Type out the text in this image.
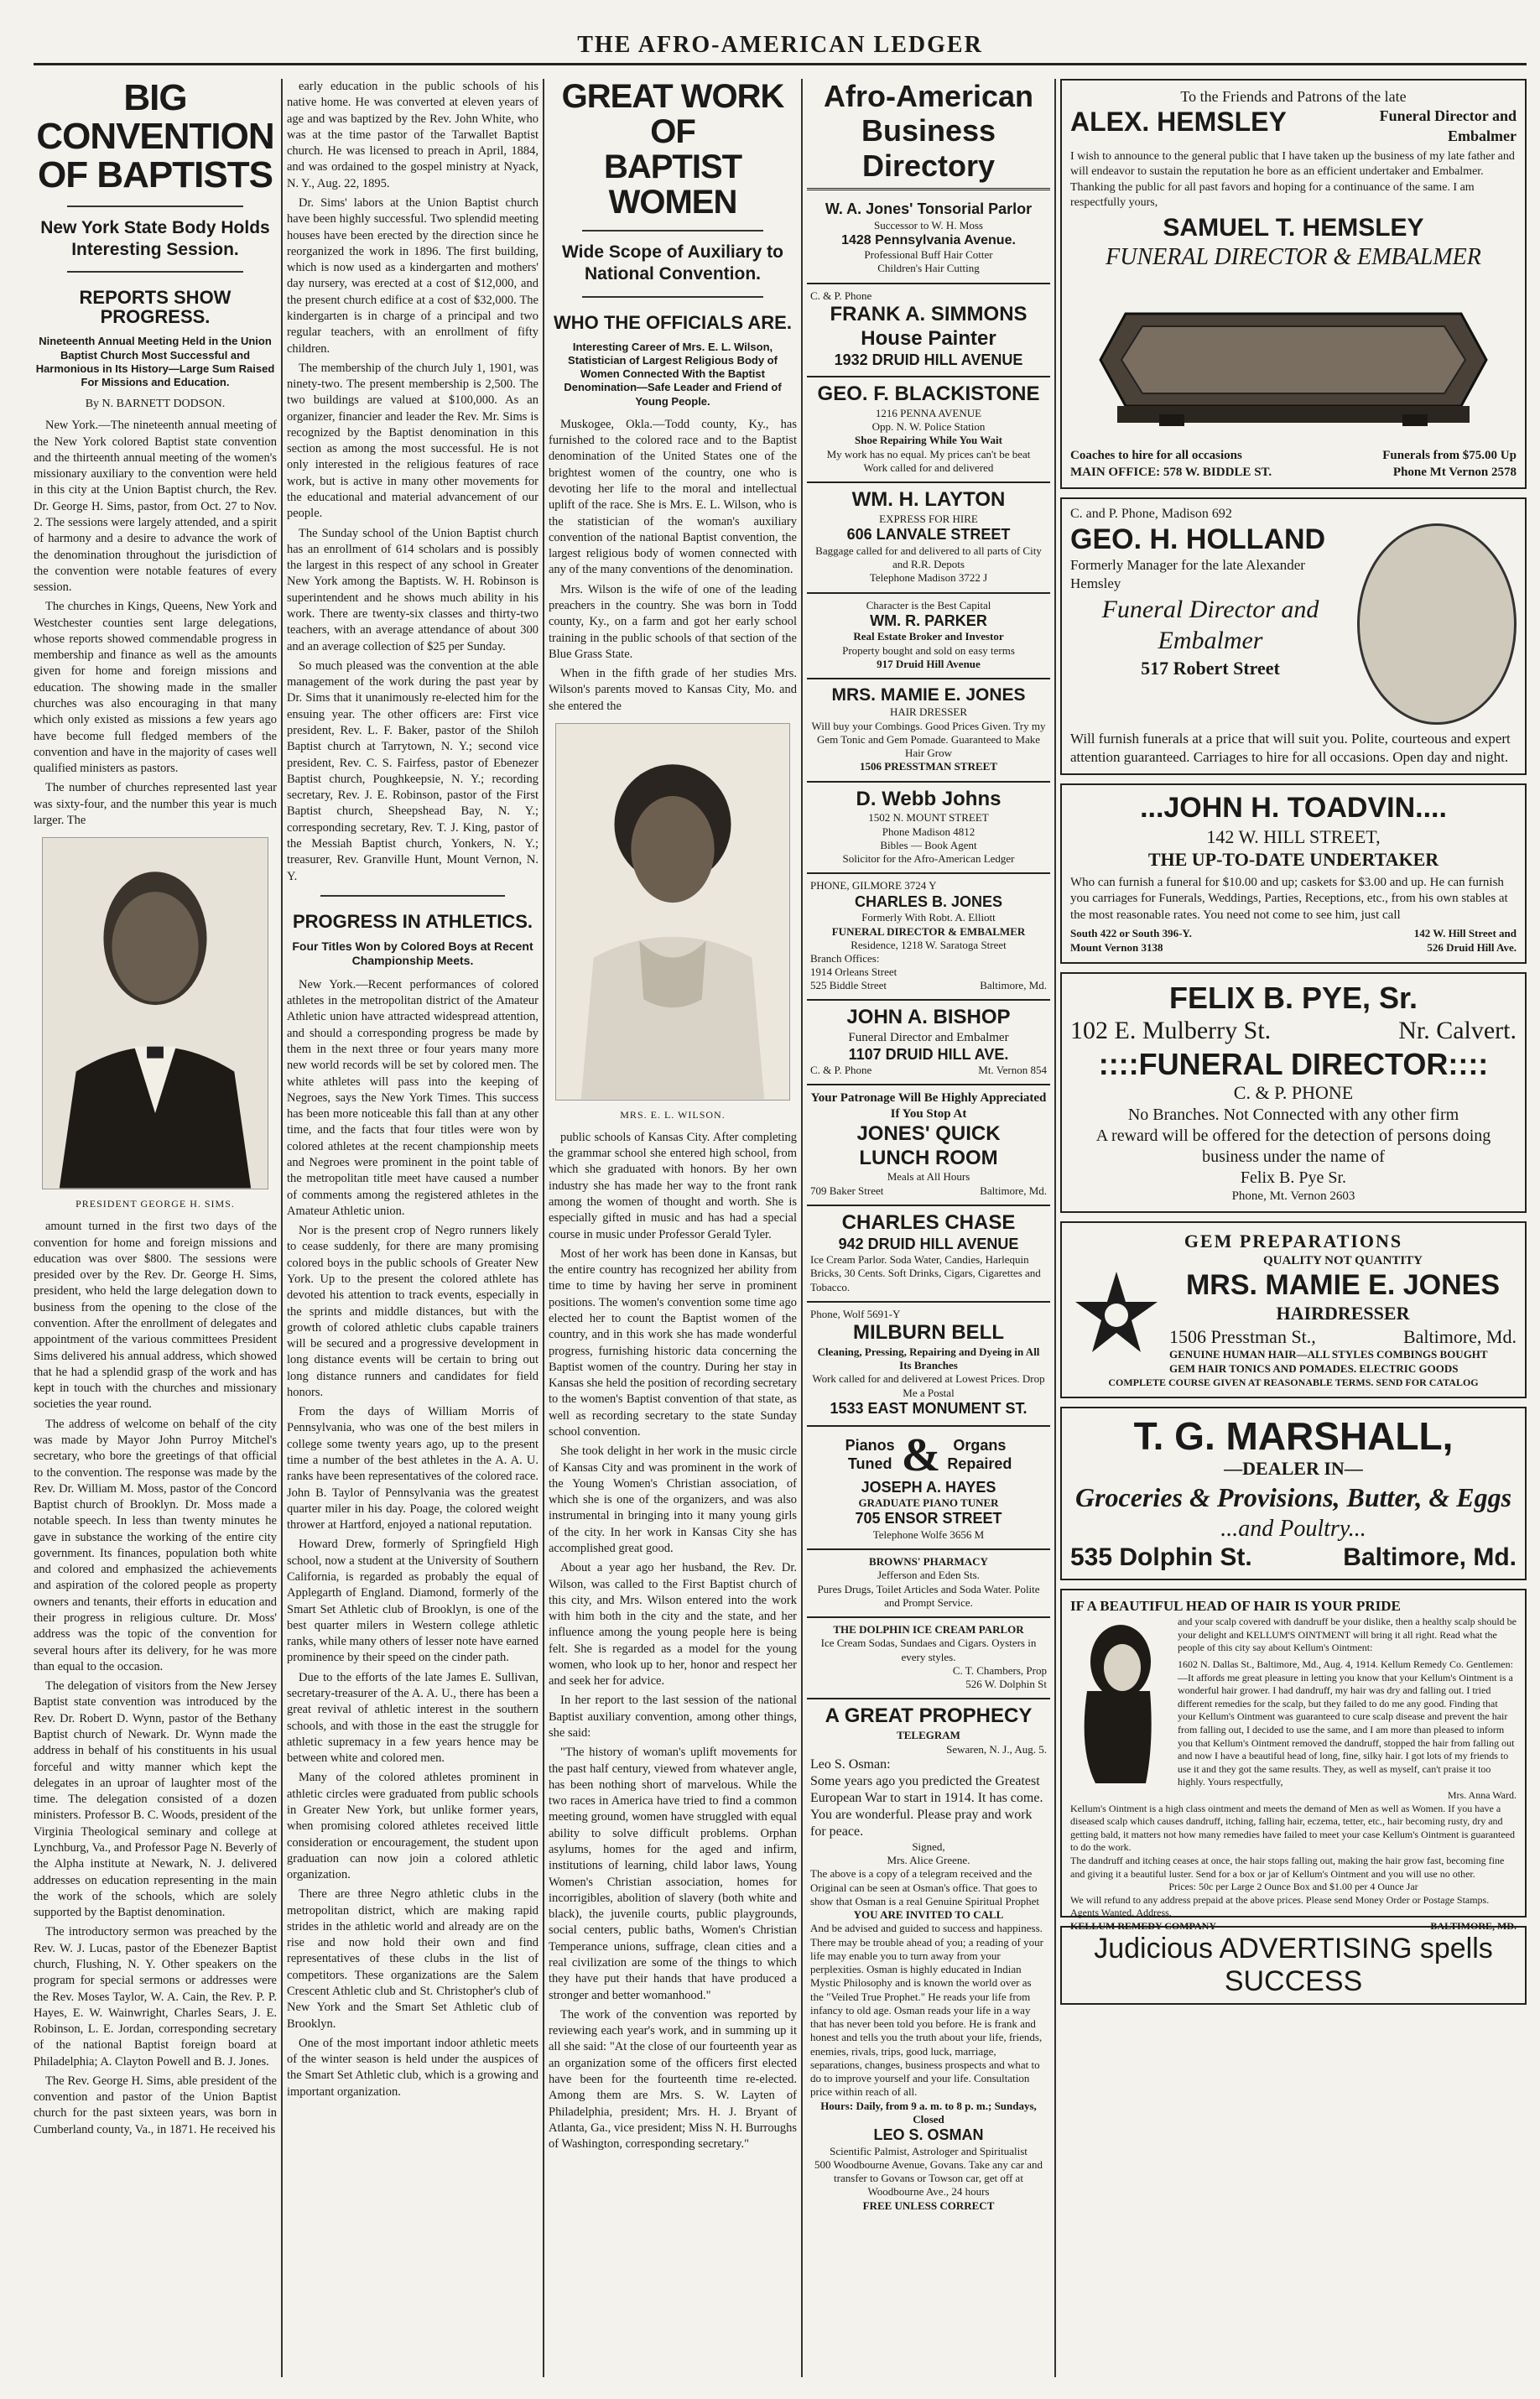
THE AFRO-AMERICAN LEDGER
BIG CONVENTION
OF BAPTISTS
New York State Body Holds Interesting Session.
REPORTS SHOW PROGRESS.
Nineteenth Annual Meeting Held in the Union Baptist Church Most Successful and Harmonious in Its History—Large Sum Raised For Missions and Education.
By N. BARNETT DODSON.

New York.—The nineteenth annual meeting of the New York colored Baptist state convention and the thirteenth annual meeting of the women's missionary auxiliary to the convention were held in this city at the Union Baptist church, the Rev. Dr. George H. Sims, pastor, from Oct. 27 to Nov. 2. The sessions were largely attended, and a spirit of harmony and a desire to advance the work of the denomination throughout the jurisdiction of the convention were notable features of every session.

The churches in Kings, Queens, New York and Westchester counties sent large delegations, whose reports showed commendable progress in membership and finance as well as the amounts given for home and foreign missions and education. The showing made in the smaller churches was also encouraging in that many which only existed as missions a few years ago have become full fledged members of the convention and have in the majority of cases well qualified ministers as pastors.

The number of churches represented last year was sixty-four, and the number this year is much larger. The

PRESIDENT GEORGE H. SIMS.

amount turned in the first two days of the convention for home and foreign missions and education was over $800. The sessions were presided over by the Rev. Dr. George H. Sims, president, who held the large delegation down to business from the opening to the close of the convention. After the enrollment of delegates and appointment of the various committees President Sims delivered his annual address, which showed that he had a splendid grasp of the work and has kept in touch with the churches and missionary societies the year round.

The address of welcome on behalf of the city was made by Mayor John Purroy Mitchel's secretary, who bore the greetings of that official to the convention. The response was made by the Rev. Dr. William M. Moss, pastor of the Concord Baptist church of Brooklyn. Dr. Moss made a notable speech. In less than twenty minutes he gave in substance the working of the entire city government. Its finances, population both white and colored and emphasized the achievements and aspiration of the colored people as property owners and tenants, their efforts in education and their progress in religious culture. Dr. Moss' address was the topic of the convention for several hours after its delivery, for he was more than equal to the occasion.

The delegation of visitors from the New Jersey Baptist state convention was introduced by the Rev. Dr. Robert D. Wynn, pastor of the Bethany Baptist church of Newark. Dr. Wynn made the address in behalf of his constituents in his usual forceful and witty manner which kept the delegates in an uproar of laughter most of the time. The delegation consisted of a dozen ministers. Professor B. C. Woods, president of the Virginia Theological seminary and college at Lynchburg, Va., and Professor Page N. Beverly of the Alpha institute at Newark, N. J. delivered addresses on education representing in the main the work of the schools, which are solely supported by the Baptist denomination.

The introductory sermon was preached by the Rev. W. J. Lucas, pastor of the Ebenezer Baptist church, Flushing, N. Y. Other speakers on the program for special sermons or addresses were the Rev. Moses Taylor, W. A. Cain, the Rev. P. P. Hayes, E. W. Wainwright, Charles Sears, J. E. Robinson, L. E. Jordan, corresponding secretary of the national Baptist foreign board at Philadelphia; A. Clayton Powell and B. J. Jones.

The Rev. George H. Sims, able president of the convention and pastor of the Union Baptist church for the past sixteen years, was born in Cumberland county, Va., in 1871. He received his

early education in the public schools of his native home. He was converted at eleven years of age and was baptized by the Rev. John White, who was at the time pastor of the Tarwallet Baptist church. He was licensed to preach in April, 1884, and was ordained to the gospel ministry at Nyack, N. Y., Aug. 22, 1895.

Dr. Sims' labors at the Union Baptist church have been highly successful. Two splendid meeting houses have been erected by the direction since he reorganized the work in 1896. The first building, which is now used as a kindergarten and mothers' day nursery, was erected at a cost of $12,000, and the present church edifice at a cost of $32,000. The kindergarten is in charge of a principal and two regular teachers, with an enrollment of fifty children.

The membership of the church July 1, 1901, was ninety-two. The present membership is 2,500. The two buildings are valued at $100,000. As an organizer, financier and leader the Rev. Mr. Sims is recognized by the Baptist denomination in this section as among the most successful. He is not only interested in the religious features of race work, but is active in many other movements for the educational and material advancement of our people.

The Sunday school of the Union Baptist church has an enrollment of 614 scholars and is possibly the largest in this respect of any school in Greater New York among the Baptists. W. H. Robinson is superintendent and he shows much ability in his work. There are twenty-six classes and thirty-two teachers, with an average attendance of about 300 and an average collection of $25 per Sunday.

So much pleased was the convention at the able management of the work during the past year by Dr. Sims that it unanimously re-elected him for the ensuing year. The other officers are: First vice president, Rev. L. F. Baker, pastor of the Shiloh Baptist church at Tarrytown, N. Y.; second vice president, Rev. C. S. Fairfess, pastor of Ebenezer Baptist church, Poughkeepsie, N. Y.; recording secretary, Rev. J. E. Robinson, pastor of the First Baptist church, Sheepshead Bay, N. Y.; corresponding secretary, Rev. T. J. King, pastor of the Messiah Baptist church, Yonkers, N. Y.; treasurer, Rev. Granville Hunt, Mount Vernon, N. Y.

PROGRESS IN ATHLETICS.
Four Titles Won by Colored Boys at Recent Championship Meets.

New York.—Recent performances of colored athletes in the metropolitan district of the Amateur Athletic union have attracted widespread attention, and should a corresponding progress be made by them in the next three or four years many more new world records will be set by colored men. The white athletes will pass into the keeping of Negroes, says the New York Times. This success has been more noticeable this fall than at any other time, and the facts that four titles were won by colored athletes at the recent championship meets and Negroes were prominent in the point table of the metropolitan title meet have caused a number of comments among the registered athletes in the Amateur Athletic union.

Nor is the present crop of Negro runners likely to cease suddenly, for there are many promising colored boys in the public schools of Greater New York. Up to the present the colored athlete has devoted his attention to track events, especially in the sprints and middle distances, but with the growth of colored athletic clubs capable trainers will be secured and a progressive development in long distance events will be certain to bring out long distance runners and candidates for field honors.

From the days of William Morris of Pennsylvania, who was one of the best milers in college some twenty years ago, up to the present time a number of the best athletes in the A. A. U. ranks have been representatives of the colored race. John B. Taylor of Pennsylvania was the greatest quarter miler in his day. Poage, the colored weight thrower at Hartford, enjoyed a national reputation.

Howard Drew, formerly of Springfield High school, now a student at the University of Southern California, is regarded as probably the equal of Applegarth of England. Diamond, formerly of the Smart Set Athletic club of Brooklyn, is one of the best quarter milers in Western college athletic ranks, while many others of lesser note have earned prominence by their speed on the cinder path.

Due to the efforts of the late James E. Sullivan, secretary-treasurer of the A. A. U., there has been a great revival of athletic interest in the southern schools, and with those in the east the struggle for athletic supremacy in a few years hence may be between white and colored men.

Many of the colored athletes prominent in athletic circles were graduated from public schools in Greater New York, but unlike former years, when promising colored athletes received little consideration or encouragement, the student upon graduation can now join a colored athletic organization.

There are three Negro athletic clubs in the metropolitan district, which are making rapid strides in the athletic world and already are on the rise and now hold their own and find representatives of these clubs in the list of competitors. These organizations are the Salem Crescent Athletic club and St. Christopher's club of New York and the Smart Set Athletic club of Brooklyn.

One of the most important indoor athletic meets of the winter season is held under the auspices of the Smart Set Athletic club, which is a growing and important organization.

GREAT WORK OF
BAPTIST WOMEN
Wide Scope of Auxiliary to National Convention.
WHO THE OFFICIALS ARE.
Interesting Career of Mrs. E. L. Wilson, Statistician of Largest Religious Body of Women Connected With the Baptist Denomination—Safe Leader and Friend of Young People.

Muskogee, Okla.—Todd county, Ky., has furnished to the colored race and to the Baptist denomination of the United States one of the brightest women of the country, one who is devoting her life to the moral and intellectual uplift of the race. She is Mrs. E. L. Wilson, who is the statistician of the woman's auxiliary convention of the national Baptist convention, the largest religious body of women connected with any of the many conventions of the denomination.

Mrs. Wilson is the wife of one of the leading preachers in the country. She was born in Todd county, Ky., on a farm and got her early school training in the public schools of that section of the Blue Grass State.

When in the fifth grade of her studies Mrs. Wilson's parents moved to Kansas City, Mo. and she entered the

MRS. E. L. WILSON.

public schools of Kansas City. After completing the grammar school she entered high school, from which she graduated with honors. By her own industry she has made her way to the front rank among the women of thought and worth. She is especially gifted in music and has had a special course in music under Professor Gerald Tyler.

Most of her work has been done in Kansas, but the entire country has recognized her ability from time to time by having her serve in prominent positions. The women's convention some time ago elected her to count the Baptist women of the country, and in this work she has made wonderful progress, furnishing historic data concerning the Baptist women of the country. During her stay in Kansas she held the position of recording secretary to the women's Baptist convention of that state, as well as recording secretary to the state Sunday school convention.

She took delight in her work in the music circle of Kansas City and was prominent in the work of the Young Women's Christian association, of which she is one of the organizers, and was also instrumental in bringing into it many young girls of the city. In her work in Kansas City she has accomplished great good.

About a year ago her husband, the Rev. Dr. Wilson, was called to the First Baptist church of this city, and Mrs. Wilson entered into the work with him both in the city and the state, and her influence among the young people here is being felt. She is regarded as a model for the young women, who look up to her, honor and respect her and seek her for advice.

In her report to the last session of the national Baptist auxiliary convention, among other things, she said:

"The history of woman's uplift movements for the past half century, viewed from whatever angle, has been nothing short of marvelous. While the two races in America have tried to find a common meeting ground, women have struggled with equal ability to solve difficult problems. Orphan asylums, homes for the aged and infirm, institutions of learning, child labor laws, Young Women's Christian association, homes for incorrigibles, abolition of slavery (both white and black), the juvenile courts, public playgrounds, social centers, public baths, Women's Christian Temperance unions, suffrage, clean cities and a real civilization are some of the things to which they have put their hands that have produced a stronger and better womanhood."

The work of the convention was reported by reviewing each year's work, and in summing up it all she said: "At the close of our fourteenth year as an organization some of the officers first elected have been for the fourteenth time re-elected. Among them are Mrs. S. W. Layten of Philadelphia, president; Mrs. H. J. Bryant of Atlanta, Ga., vice president; Miss N. H. Burroughs of Washington, corresponding secretary."

Afro-American
Business Directory
W. A. Jones' Tonsorial Parlor
Successor to W. H. Moss
1428 Pennsylvania Avenue.
Professional Buff Hair Cotter
Children's Hair Cutting
C. & P. Phone
FRANK A. SIMMONS
House Painter
1932 DRUID HILL AVENUE
GEO. F. BLACKISTONE
1216 PENNA AVENUE
Opp. N. W. Police Station
Shoe Repairing While You Wait
My work has no equal. My prices can't be beat
Work called for and delivered
WM. H. LAYTON
EXPRESS FOR HIRE
606 LANVALE STREET
Baggage called for and delivered to all parts of City and R.R. Depots
Telephone Madison 3722 J
Character is the Best Capital
WM. R. PARKER
Real Estate Broker and Investor
Property bought and sold on easy terms
917 Druid Hill Avenue
MRS. MAMIE E. JONES
HAIR DRESSER
Will buy your Combings. Good Prices Given. Try my Gem Tonic and Gem Pomade. Guaranteed to Make Hair Grow
1506 PRESSTMAN STREET
D. Webb Johns
1502 N. MOUNT STREET
Phone Madison 4812
Bibles — Book Agent
Solicitor for the Afro-American Ledger
PHONE, GILMORE 3724 Y
CHARLES B. JONES
Formerly With Robt. A. Elliott
FUNERAL DIRECTOR & EMBALMER
Residence, 1218 W. Saratoga Street
Branch Offices:
1914 Orleans Street
525 Biddle Street	Baltimore, Md.
JOHN A. BISHOP
Funeral Director and Embalmer
1107 DRUID HILL AVE.
C. & P. Phone	Mt. Vernon 854
Your Patronage Will Be Highly Appreciated If You Stop At
JONES' QUICK
LUNCH ROOM
Meals at All Hours
709 Baker Street	Baltimore, Md.
CHARLES CHASE
942 DRUID HILL AVENUE
Ice Cream Parlor. Soda Water, Candies, Harlequin Bricks, 30 Cents. Soft Drinks, Cigars, Cigarettes and Tobacco.
Phone, Wolf 5691-Y
MILBURN BELL
Cleaning, Pressing, Repairing and Dyeing in All Its Branches
Work called for and delivered at Lowest Prices. Drop Me a Postal
1533 EAST MONUMENT ST.
Pianos
Tuned & Organs
Repaired
JOSEPH A. HAYES
GRADUATE PIANO TUNER
705 ENSOR STREET
Telephone Wolfe 3656 M
BROWNS' PHARMACY
Jefferson and Eden Sts.
Pures Drugs, Toilet Articles and Soda Water. Polite and Prompt Service.
THE DOLPHIN ICE CREAM PARLOR
Ice Cream Sodas, Sundaes and Cigars. Oysters in every styles.
C. T. Chambers, Prop
526 W. Dolphin St
A GREAT PROPHECY
TELEGRAM
Sewaren, N. J., Aug. 5.
Leo S. Osman:
Some years ago you predicted the Greatest European War to start in 1914. It has come. You are wonderful. Please pray and work for peace.
Signed,
Mrs. Alice Greene.
The above is a copy of a telegram received and the Original can be seen at Osman's office. That goes to show that Osman is a real Genuine Spiritual Prophet
YOU ARE INVITED TO CALL
And be advised and guided to success and happiness. There may be trouble ahead of you; a reading of your life may enable you to turn away from your perplexities. Osman is highly educated in Indian Mystic Philosophy and is known the world over as the "Veiled True Prophet." He reads your life from infancy to old age. Osman reads your life in a way that has never been told you before. He is frank and honest and tells you the truth about your life, friends, enemies, rivals, trips, good luck, marriage, separations, changes, business prospects and what to do to improve yourself and your life. Consultation price within reach of all.
Hours: Daily, from 9 a. m. to 8 p. m.; Sundays, Closed
LEO S. OSMAN
Scientific Palmist, Astrologer and Spiritualist
500 Woodbourne Avenue, Govans. Take any car and transfer to Govans or Towson car, get off at Woodbourne Ave., 24 hours
FREE UNLESS CORRECT
To the Friends and Patrons of the late
ALEX. HEMSLEY	Funeral Director and Embalmer
I wish to announce to the general public that I have taken up the business of my late father and will endeavor to sustain the reputation he bore as an efficient undertaker and Embalmer. Thanking the public for all past favors and hoping for a continuance of the same. I am respectfully yours,
SAMUEL T. HEMSLEY
FUNERAL DIRECTOR & EMBALMER
Coaches to hire for all occasions	Funerals from $75.00 Up
MAIN OFFICE: 578 W. BIDDLE ST.	Phone Mt Vernon 2578
C. and P. Phone, Madison 692
GEO. H. HOLLAND
Formerly Manager for the late Alexander Hemsley
Funeral Director and
Embalmer
517 Robert Street
Will furnish funerals at a price that will suit you. Polite, courteous and expert attention guaranteed. Carriages to hire for all occasions. Open day and night.
...JOHN H. TOADVIN....
142 W. HILL STREET,
THE UP-TO-DATE UNDERTAKER
Who can furnish a funeral for $10.00 and up; caskets for $3.00 and up. He can furnish you carriages for Funerals, Weddings, Parties, Receptions, etc., from his own stables at the most reasonable rates. You need not come to see him, just call
South 422 or South 396-Y.	142 W. Hill Street and
Mount Vernon 3138	526 Druid Hill Ave.
FELIX B. PYE, Sr.
102 E. Mulberry St.	Nr. Calvert.
::::FUNERAL DIRECTOR::::
C. & P. PHONE
No Branches. Not Connected with any other firm
A reward will be offered for the detection of persons doing business under the name of
Felix B. Pye Sr.
Phone, Mt. Vernon 2603
GEM PREPARATIONS
QUALITY NOT QUANTITY
MRS. MAMIE E. JONES
HAIRDRESSER
1506 Presstman St.,	Baltimore, Md.
GENUINE HUMAN HAIR—ALL STYLES COMBINGS BOUGHT
GEM HAIR TONICS AND POMADES. ELECTRIC GOODS
COMPLETE COURSE GIVEN AT REASONABLE TERMS. SEND FOR CATALOG
T. G. MARSHALL,
—DEALER IN—
Groceries & Provisions, Butter, & Eggs
...and Poultry...
535 Dolphin St.	Baltimore, Md.
IF A BEAUTIFUL HEAD OF HAIR IS YOUR PRIDE
and your scalp covered with dandruff be your dislike, then a healthy scalp should be your delight and KELLUM'S OINTMENT will bring it all right. Read what the people of this city say about Kellum's Ointment:
1602 N. Dallas St., Baltimore, Md., Aug. 4, 1914. Kellum Remedy Co. Gentlemen:—It affords me great pleasure in letting you know that your Kellum's Ointment is a wonderful hair grower. I had dandruff, my hair was dry and falling out. I tried different remedies for the scalp, but they failed to do me any good. Finding that your Kellum's Ointment was guaranteed to cure scalp disease and prevent the hair from falling out, I decided to use the same, and I am more than pleased to inform you that Kellum's Ointment removed the dandruff, stopped the hair from falling out and now I have a beautiful head of long, fine, silky hair. I got lots of my friends to use it and they got the same results. They, as well as myself, can't praise it too highly. Yours respectfully,
Mrs. Anna Ward.
Kellum's Ointment is a high class ointment and meets the demand of Men as well as Women. If you have a diseased scalp which causes dandruff, itching, falling hair, eczema, tetter, etc., hair becoming rusty, dry and getting bald, it matters not how many remedies have failed to meet your case Kellum's Ointment is guaranteed to do the work.
The dandruff and itching ceases at once, the hair stops falling out, making the hair grow fast, becoming fine and giving it a beautiful luster. Send for a box or jar of Kellum's Ointment and you will use no other.
Prices: 50c per Large 2 Ounce Box and $1.00 per 4 Ounce Jar
We will refund to any address prepaid at the above prices. Please send Money Order or Postage Stamps. Agents Wanted. Address,
KELLUM REMEDY COMPANY	BALTIMORE, MD.
Judicious ADVERTISING spells SUCCESS
